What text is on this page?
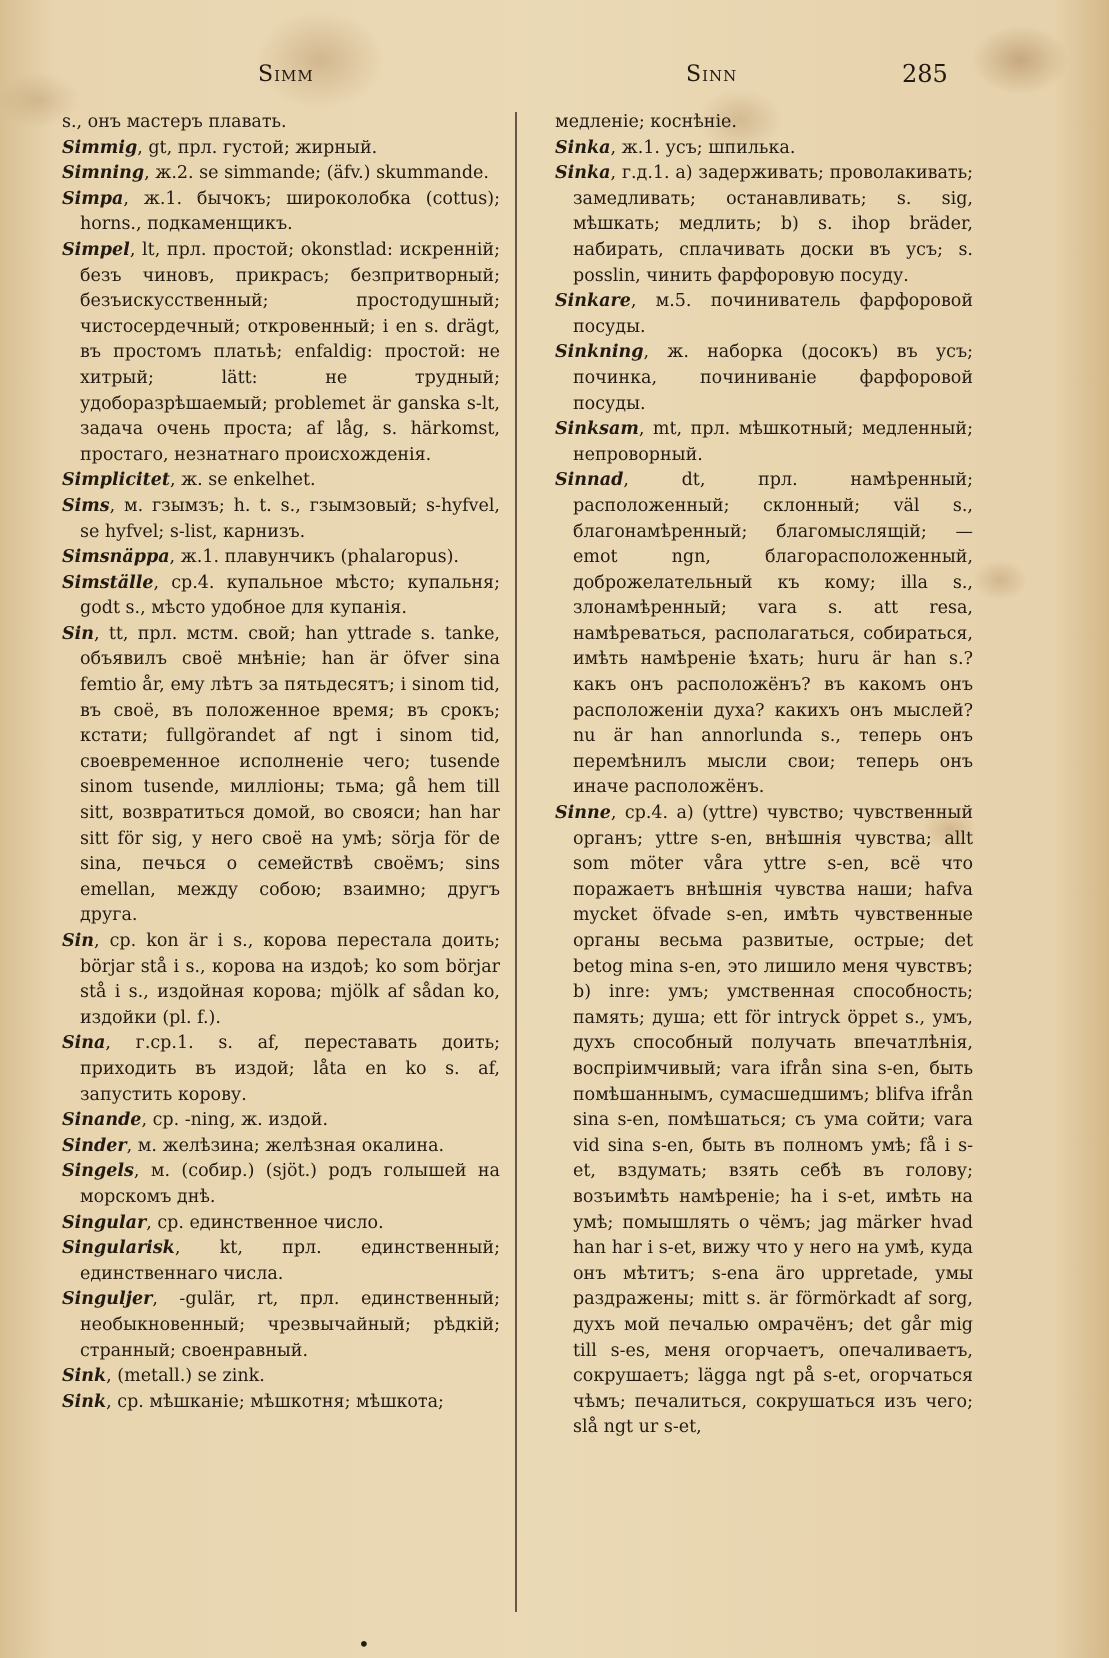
Simm	Sinn	285

s., онъ мастеръ плавать.

Simmig, gt, прл. густой; жирный.

Simning, ж.2. se simmande; (äfv.) skummande.

Simpa, ж.1. бычокъ; широколобка (cottus); horns., подкаменщикъ.

Simpel, lt, прл. простой; okonstlad: искренній; безъ чиновъ, прикрасъ; безпритворный; безъискусственный; простодушный; чистосердечный; откровенный; i en s. drägt, въ простомъ платьѣ; enfaldig: простой: не хитрый; lätt: не трудный; удобоpaзрѣшаемый; problemet är ganska s-lt, задача очень проста; af låg, s. härkomst, простаго, незнатнаго происхожденія.

Simplicitet, ж. se enkelhet.

Sims, м. гзымзъ; h. t. s., гзымзовый; s-hyfvel, se hyfvel; s-list, карнизъ.

Simsnäppa, ж.1. плавунчикъ (phalaropus).

Simställe, ср.4. купальное мѣсто; купальня; godt s., мѣсто удобное для купанія.

Sin, tt, прл. мстм. свой; han yttrade s. tanke, объявилъ своё мнѣніе; han är öfver sina femtio år, ему лѣтъ за пятьдесятъ; i sinom tid, въ своё, въ положенное время; въ срокъ; кстати; fullgörandet af ngt i sinom tid, своевременное исполненіе чего; tusende sinom tusende, милліоны; тьма; gå hem till sitt, возвратиться домой, во свояси; han har sitt för sig, у него своё на умѣ; sörja för de sina, печься о семействѣ своёмъ; sins emellan, между собою; взаимно; другъ друга.

Sin, ср. kon är i s., корова перестала доить; börjar stå i s., корова на издоѣ; ko som börjar stå i s., издойная корова; mjölk af sådan ko, издойки (pl. f.).

Sina, г.ср.1. s. af, переставать доить; приходить въ издой; låta en ko s. af, запустить корову.

Sinande, ср. -ning, ж. издой.

Sinder, м. желѣзина; желѣзная окалина.

Singels, м. (собир.) (sjöt.) родъ голышей на морскомъ днѣ.

Singular, ср. единственное число.

Singularisk, kt, прл. единственный; единственнаго числа.

Singuljer, -gulär, rt, прл. единственный; необыкновенный; чрезвычайный; рѣдкій; странный; своенравный.

Sink, (metall.) se zink.

Sink, ср. мѣшканіе; мѣшкотня; мѣшкота;

медленіе; коснѣніе.

Sinka, ж.1. усъ; шпилька.

Sinka, г.д.1. a) задерживать; проволакивать; замедливать; останавливать; s. sig, мѣшкать; медлить; b) s. ihop bräder, набирать, сплачивать доски въ усъ; s. posslin, чинить фарфоровую посуду.

Sinkare, м.5. починиватель фарфоровой посуды.

Sinkning, ж. наборка (досокъ) въ усъ; починка, починиваніе фарфоровой посуды.

Sinksam, mt, прл. мѣшкотный; медленный; непроворный.

Sinnad, dt, прл. намѣренный; расположенный; склонный; väl s., благонамѣренный; благомыслящій; — emot ngn, благорасположенный, доброжелательный къ кому; illa s., злонамѣренный; vara s. att resa, намѣреваться, располагаться, собираться, имѣть намѣреніе ѣхать; huru är han s.? какъ онъ расположёнъ? въ какомъ онъ расположеніи духа? какихъ онъ мыслей? nu är han annorlunda s., теперь онъ перемѣнилъ мысли свои; теперь онъ иначе расположёнъ.

Sinne, ср.4. a) (yttre) чувство; чувственный органъ; yttre s-en, внѣшнія чувства; allt som möter våra yttre s-en, всё что поражаетъ внѣшнія чувства наши; hafva mycket öfvade s-en, имѣть чувственные органы весьма развитые, острые; det betog mina s-en, это лишило меня чувствъ; b) inre: умъ; умственная способность; память; душа; ett för intryck öppet s., умъ, духъ способный получать впечатлѣнія, воспріимчивый; vara ifrån sina s-en, быть помѣшаннымъ, сумасшедшимъ; blifva ifrån sina s-en, помѣшаться; съ ума сойти; vara vid sina s-en, быть въ полномъ умѣ; få i s-et, вздумать; взять себѣ въ голову; возъимѣть намѣреніе; ha i s-et, имѣть на умѣ; помышлять о чёмъ; jag märker hvad han har i s-et, вижу что у него на умѣ, куда онъ мѣтитъ; s-ena äro uppretade, умы раздражены; mitt s. är förmörkadt af sorg, духъ мой печалью омрачёнъ; det går mig till s-es, меня огорчаетъ, опечаливаетъ, сокрушаетъ; lägga ngt på s-et, огорчаться чѣмъ; печалиться, сокрушаться изъ чего; slå ngt ur s-et,

•
